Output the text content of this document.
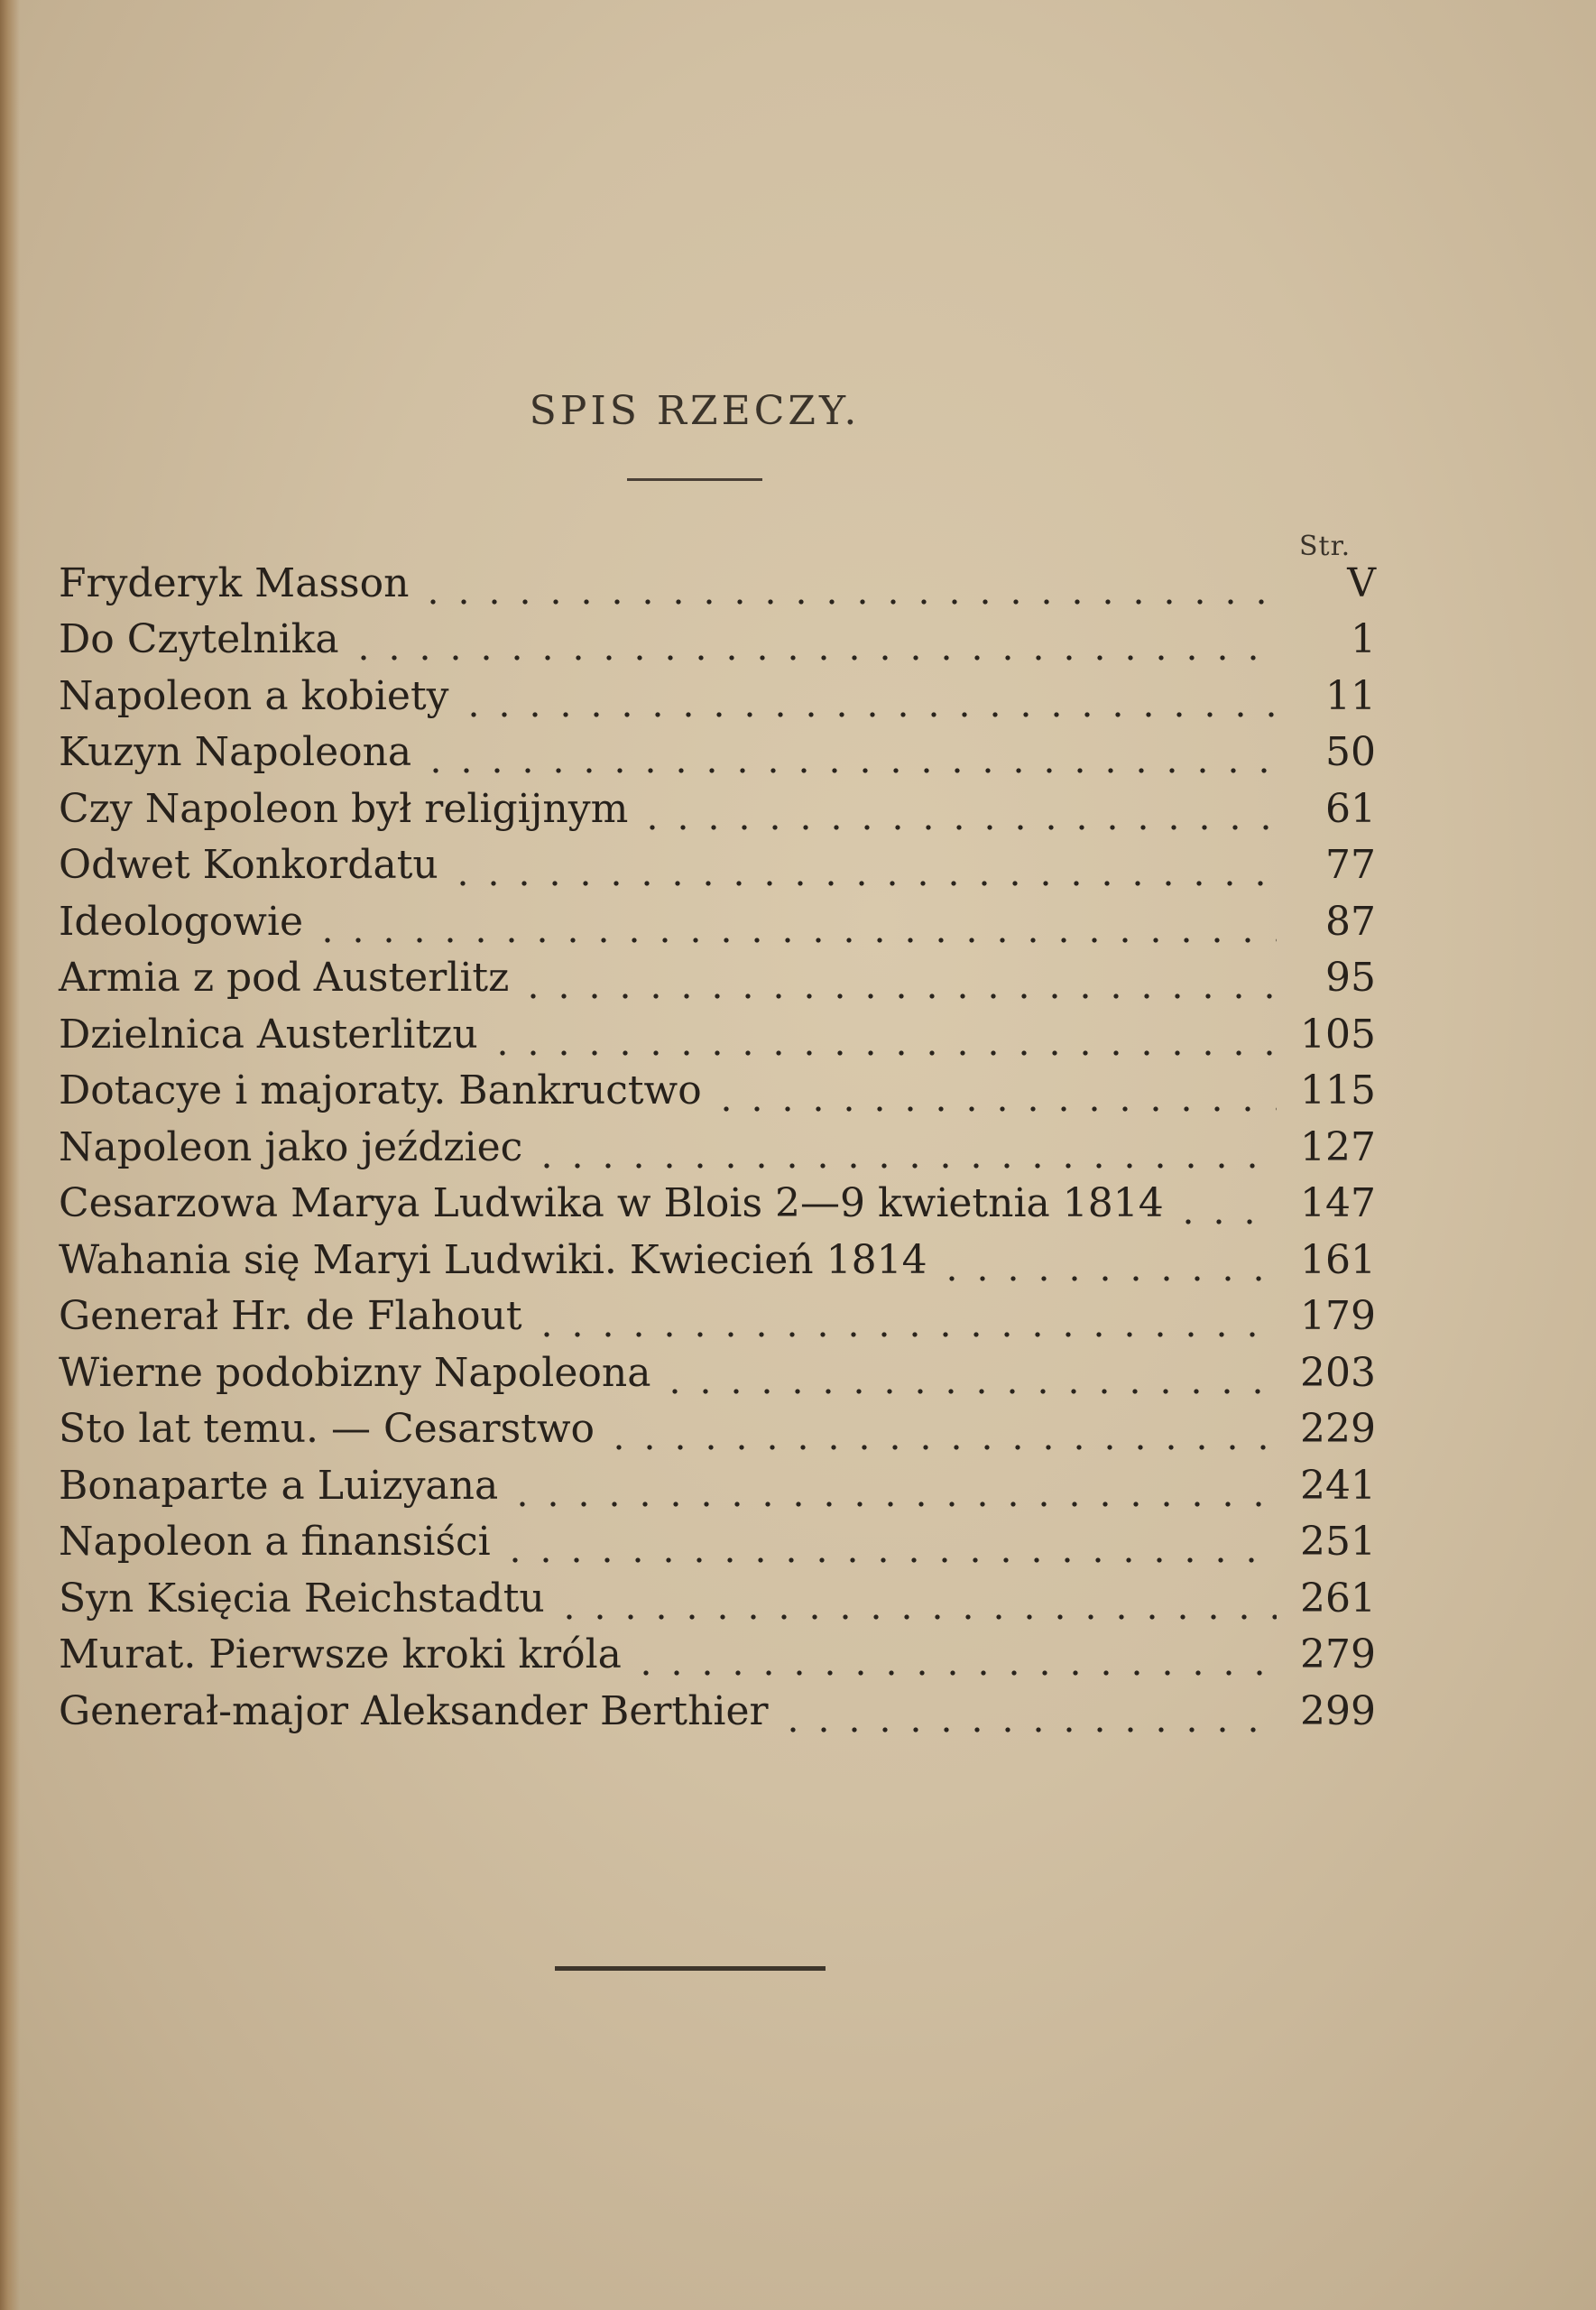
SPIS RZECZY.
Str.
Fryderyk Masson	V
Do Czytelnika	1
Napoleon a kobiety	11
Kuzyn Napoleona	50
Czy Napoleon był religijnym	61
Odwet Konkordatu	77
Ideologowie	87
Armia z pod Austerlitz	95
Dzielnica Austerlitzu	105
Dotacye i majoraty. Bankructwo	115
Napoleon jako jeździec	127
Cesarzowa Marya Ludwika w Blois 2—9 kwietnia 1814	147
Wahania się Maryi Ludwiki. Kwiecień 1814	161
Generał Hr. de Flahout	179
Wierne podobizny Napoleona	203
Sto lat temu. — Cesarstwo	229
Bonaparte a Luizyana	241
Napoleon a finansiści	251
Syn Księcia Reichstadtu	261
Murat. Pierwsze kroki króla	279
Generał-major Aleksander Berthier	299
